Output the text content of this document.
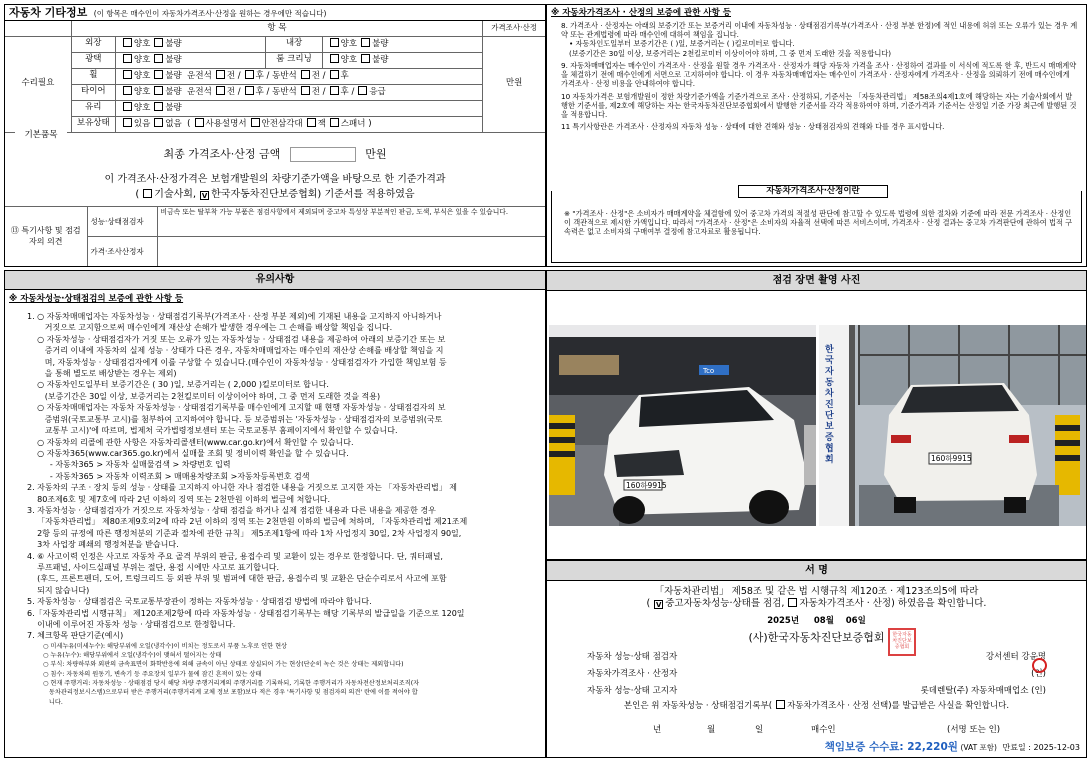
자동차 기타정보 (이 항목은 매수인이 자동차가격조사·산정을 원하는 경우에만 적습니다)
	항 목				가격조사·산정
수리필요	외장	양호 불량	내장	양호 불량	만원
	광택	양호 불량	룸 크리닝	양호 불량	
	휠	양호 불량 운전석 전 / 후 / 동반석 전 / 후			
	타이어	양호 불량 운전석 전 / 후 / 동반석 전 / 후 / 응급			
	유리	양호 불량			
	보유상태	있음 없음 ( 사용설명서 안전삼각대 잭 스패너 )			
기본품목
최종 가격조사·산정 금액	만원
이 가격조사·산정가격은 보험개발원의 차량기준가액을 바탕으로 한 기준가격과
( 기술사회, V 한국자동차진단보증협회) 기준서를 적용하였음
⑬ 특기사항 및 점검자의 의견	성능·상태점검자	비금속 또는 탈부착 가능 부품은 점검사항에서 제외되며 중고차 특성상 부분적인 판금, 도색, 부식은 있을 수 있습니다.
	가격·조사산정자	
※ 자동차가격조사 · 산정의 보증에 관한 사항 등
8. 가격조사 · 산정자는 아래의 보증기간 또는 보증거리 이내에 자동차성능 · 상태점검기록부(가격조사 · 산정 부분 한정)에 적인 내용에 허위 또는 오류가 있는 경우 계약 또는 관계법령에 따라 매수인에 대하여 책임을 집니다.
• 자동차인도일부터 보증기간은 ( )일, 보증거리는 ( )킬로미터로 합니다.
(보증기간은 30일 이상, 보증거리는 2천킬로미터 이상이어야 하며, 그 중 먼저 도래한 것을 적용합니다)
9. 자동차매매업자는 매수인이 가격조사 · 산정을 원할 경우 가격조사 · 산정자가 해당 자동차 가격을 조사 · 산정하여 결과를 이 서식에 적도록 한 후, 반드시 매매계약을 체결하기 전에 매수인에게 서면으로 고지하여야 합니다. 이 경우 자동차매매업자는 매수인이 가격조사 · 산정자에게 가격조사 · 산정을 의뢰하기 전에 매수인에게 가격조사 · 산정 비용을 안내하여야 합니다.
10 자동차가격은 보험개발원이 정한 차량기준가액을 기준가격으로 조사 · 산정하되, 기준서는 「자동차관리법」 제58조의4제1호에 해당하는 자는 기술사회에서 발행한 기준서를, 제2호에 해당하는 자는 한국자동차진단보증협회에서 발행한 기준서를 각각 적용하여야 하며, 기준가격과 기준서는 산정일 기준 가장 최근에 발행된 것을 적용합니다.
11 특기사항란은 가격조사 · 산정자의 자동차 성능 · 상태에 대한 견해와 성능 · 상태점검자의 견해와 다를 경우 표시합니다.
자동차가격조사·산정이란
※ "가격조사 · 산정"은 소비자가 매매계약을 체결함에 있어 중고차 가격의 적절성 판단에 참고할 수 있도록 법령에 의한 절차와 기준에 따라 전문 가격조사 · 산정인이 객관적으로 제시한 가액입니다. 따라서 "가격조사 · 산정"은 소비자의 자율적 선택에 따른 서비스이며, 가격조사 · 산정 결과는 중고차 가격판단에 관하여 법적 구속력은 없고 소비자의 구매여부 결정에 참고자료로 활용됩니다.
유의사항
※ 자동차성능·상태점검의 보증에 관한 사항 등
1. ○ 자동차매매업자는 자동차성능 · 상태점검기록부(가격조사 · 산정 부분 제외)에 기재된 내용을 고지하지 아니하거나
거짓으로 고지함으로써 매수인에게 재산상 손해가 발생한 경우에는 그 손해를 배상할 책임을 집니다.
○ 자동차성능 · 상태점검자가 거짓 또는 오류가 있는 자동차성능 · 상태점검 내용을 제공하여 아래의 보증기간 또는 보
증거리 이내에 자동차의 실제 성능 · 상태가 다른 경우, 자동차매매업자는 매수인의 재산상 손해를 배상할 책임을 지
며, 자동차성능 · 상태점검자에게 이를 구상할 수 있습니다.(매수인이 자동차성능 · 상태점검자가 가입한 책임보험 등
을 통해 별도로 배상받는 경우는 제외)
○ 자동차인도일부터 보증기간은 ( 30 )일, 보증거리는 ( 2,000 )킬로미터로 합니다.
(보증기간은 30일 이상, 보증거리는 2천킬로미터 이상이어야 하며, 그 중 먼저 도래한 것을 적용)
○ 자동차매매업자는 자동차 자동차성능 · 상태점검기록부를 매수인에게 고지할 때 현행 자동차성능 · 상태점검자의 보
증범위(국토교통부 고시)를 첨부하여 고지하여야 합니다. 등 보증범위는 '자동차성능 · 상태점검자의 보증범위(국토
교통부 고시)'에 따르며, 법제처 국가법령정보센터 또는 국토교통부 홈페이지에서 확인할 수 있습니다.
○ 자동차의 리콜에 관한 사항은 자동차리콜센터(www.car.go.kr)에서 확인할 수 있습니다.
○ 자동차365(www.car365.go.kr)에서 실매물 조회 및 정비이력 확인을 할 수 있습니다.
- 자동차365 > 자동차 실매물검색 > 차량번호 입력
- 자동차365 > 자동차 이력조회 > 매매용차량조회 >자동차등록번호 검색
2. 자동차의 구조 · 장치 등의 성능 · 상태를 고지하지 아니한 자나 점검한 내용을 거짓으로 고지한 자는 「자동차관리법」 제
80조제6호 및 제7호에 따라 2년 이하의 징역 또는 2천만원 이하의 벌금에 처합니다.
3. 자동차성능 · 상태점검자가 거짓으로 자동차성능 · 상태 점검을 하거나 실제 점검한 내용과 다른 내용을 제공한 경우
「자동차관리법」 제80조제9호의2에 따라 2년 이하의 징역 또는 2천만원 이하의 벌금에 처하며, 「자동차관리법 제21조제
2항 등의 규정에 따른 행정처분의 기준과 절차에 관한 규칙」 제5조제1항에 따라 1차 사업정지 30일, 2차 사업정지 90일,
3차 사업장 폐쇄의 행정처분을 받습니다.
4. ⑥ 사고이력 인정은 사고로 자동차 주요 골격 부위의 판금, 용접수리 및 교환이 있는 경우로 한정합니다. 단, 쿼터패널,
루프패널, 사이드실패널 부위는 절단, 용접 시에만 사고로 표기합니다.
(후드, 프론트펜더, 도어, 트렁크리드 등 외판 부위 및 범퍼에 대한 판금, 용접수리 및 교환은 단순수리로서 사고에 포함
되지 않습니다)
5. 자동차성능 · 상태점검은 국토교통부장관이 정하는 자동차성능 · 상태점검 방법에 따라야 합니다.
6.「자동차관리법 시행규칙」 제120조제2항에 따라 자동차성능 · 상태점검기록부는 해당 기록부의 발급일을 기준으로 120일
이내에 이루어진 자동차 성능 · 상태점검으로 한정합니다.
7. 체크항목 판단기준(예시)
○ 미세누유(미세누수): 해당부위에 오일(냉각수)이 비치는 정도로서 부품 노후로 인한 현상
○ 누유(누수): 해당부위에서 오일(냉각수)이 맺혀서 떨어지는 상태
○ 부식: 차량하부와 외판의 금속표면이 화학반응에 의해 금속이 아닌 상태로 상실되어 가는 현상(단순히 녹슨 것은 상태는 제외합니다)
○ 침수: 자동차의 원동기, 변속기 등 주요장치 일부가 물에 잠긴 흔적이 있는 상태
○ 현재 주행거리: 자동차성능 · 상태점검 당시 해당 차량 주행거리계의 주행거리를 기록하되, 기록한 주행거리가 자동차전산정보처리조직(자
동차관리정보시스템)으로부터 받은 주행거리(주행거리계 교체 정보 포함)보다 적은 경우 '특기사항 및 점검자의 의견' 란에 이를 적어야 합
니다.
점검 장면 촬영 사진
Tco
160하9915
160하9915
한국자동차진단보증협회
서 명
「자동차관리법」 제58조 및 같은 법 시행규칙 제120조 · 제123조의5에 따라
( V 중고자동차성능·상태를 점검, 자동차가격조사 · 산정) 하였음을 확인합니다.
2025년 08월 06일
(사)한국자동차진단보증협회	한국자동차진단보증협회
자동차 성능·상태 점검자	강서센터 강윤명
자동차가격조사 · 산정자	(인)
자동차 성능·상태 고지자	롯데렌탈(주) 자동차매매업소 (인)
본인은 위 자동차성능 · 상태점검기록부( 자동차가격조사 · 산정 선택)를 발급받은 사실을 확인합니다.
년	월	일	매수인	(서명 또는 인)
책임보증 수수료: 22,220원 (VAT 포함) 만료일 : 2025-12-03
